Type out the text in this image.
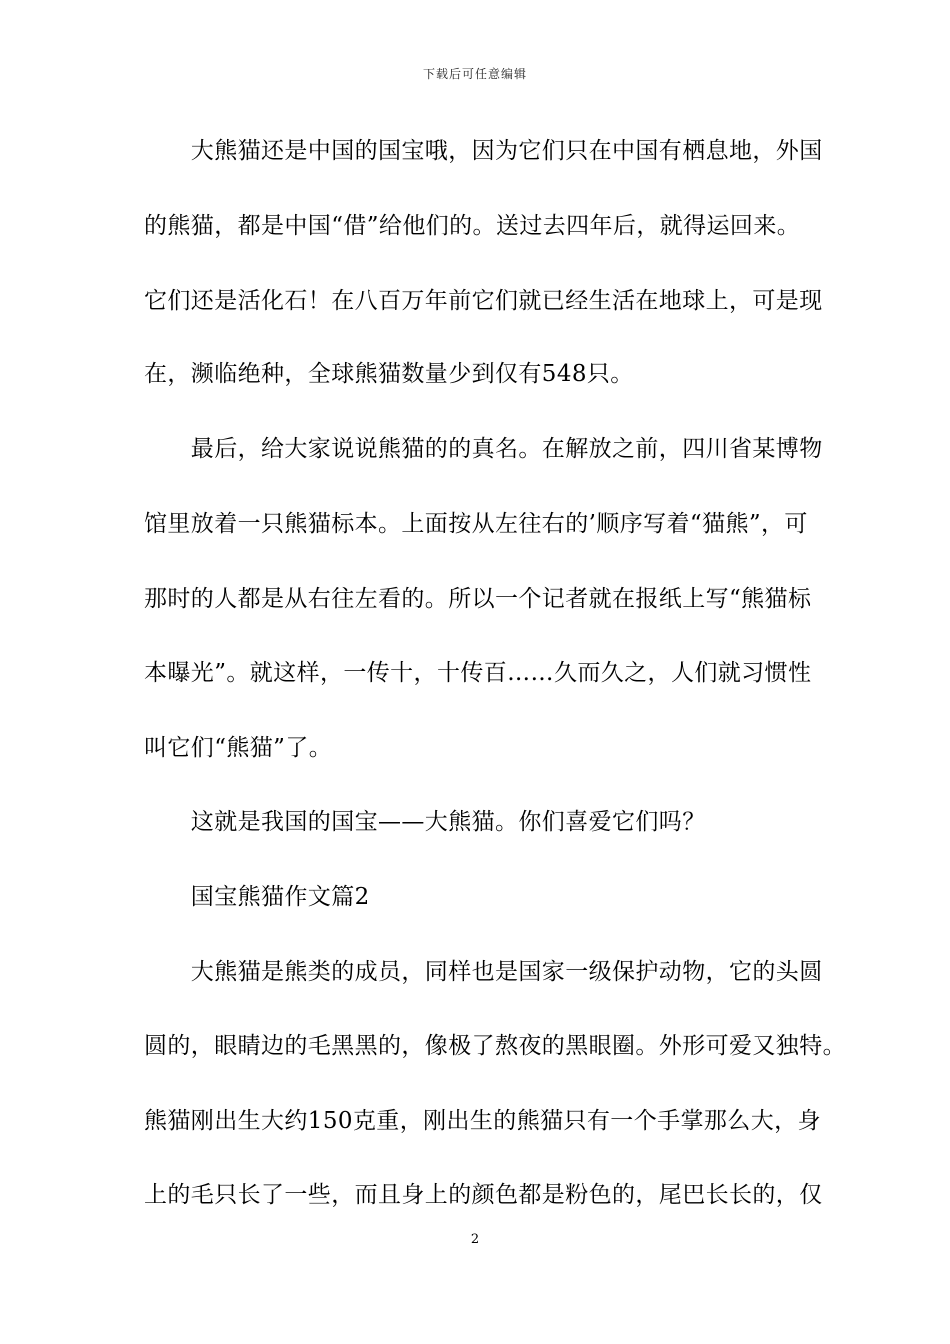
下载后可任意编辑
　　大熊猫还是中国的国宝哦，因为它们只在中国有栖息地，外国
的熊猫，都是中国“借”给他们的。送过去四年后，就得运回来。
它们还是活化石！在八百万年前它们就已经生活在地球上，可是现
在，濒临绝种，全球熊猫数量少到仅有548只。
　　最后，给大家说说熊猫的的真名。在解放之前，四川省某博物
馆里放着一只熊猫标本。上面按从左往右的’顺序写着“猫熊”，可
那时的人都是从右往左看的。所以一个记者就在报纸上写“熊猫标
本曝光”。就这样，一传十，十传百……久而久之，人们就习惯性
叫它们“熊猫”了。
　　这就是我国的国宝——大熊猫。你们喜爱它们吗？
　　国宝熊猫作文篇2
　　大熊猫是熊类的成员，同样也是国家一级保护动物，它的头圆
圆的，眼睛边的毛黑黑的，像极了熬夜的黑眼圈。外形可爱又独特。
熊猫刚出生大约150克重，刚出生的熊猫只有一个手掌那么大，身
上的毛只长了一些，而且身上的颜色都是粉色的，尾巴长长的，仅
2
